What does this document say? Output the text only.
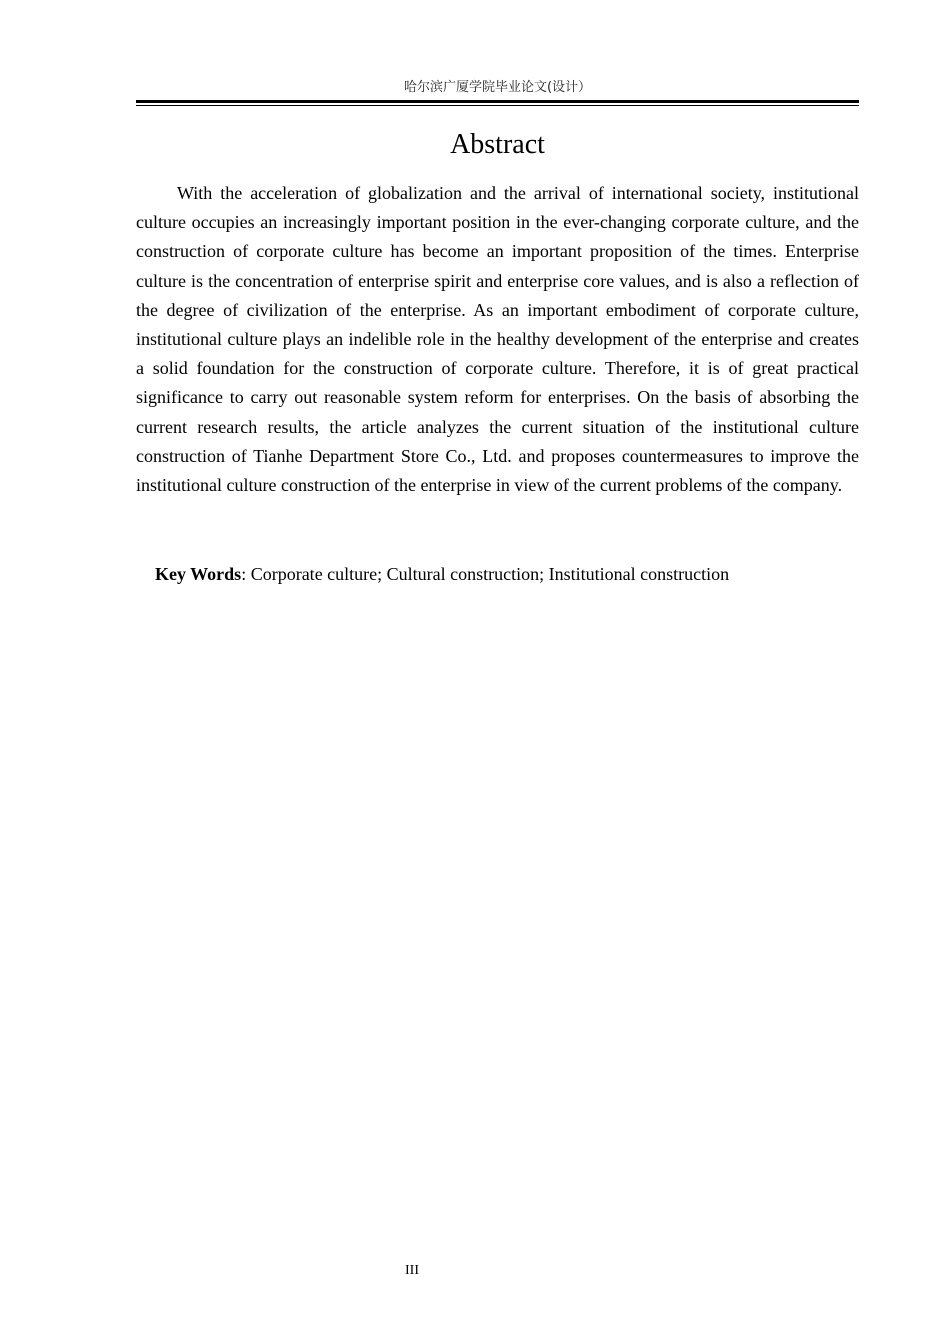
哈尔滨广厦学院毕业论文(设计）
Abstract

With the acceleration of globalization and the arrival of international society, institutional culture occupies an increasingly important position in the ever-changing corporate culture, and the construction of corporate culture has become an important proposition of the times. Enterprise culture is the concentration of enterprise spirit and enterprise core values, and is also a reflection of the degree of civilization of the enterprise. As an important embodiment of corporate culture, institutional culture plays an indelible role in the healthy development of the enterprise and creates a solid foundation for the construction of corporate culture. Therefore, it is of great practical significance to carry out reasonable system reform for enterprises. On the basis of absorbing the current research results, the article analyzes the current situation of the institutional culture construction of Tianhe Department Store Co., Ltd. and proposes countermeasures to improve the institutional culture construction of the enterprise in view of the current problems of the company.

Key Words: Corporate culture; Cultural construction; Institutional construction
III
